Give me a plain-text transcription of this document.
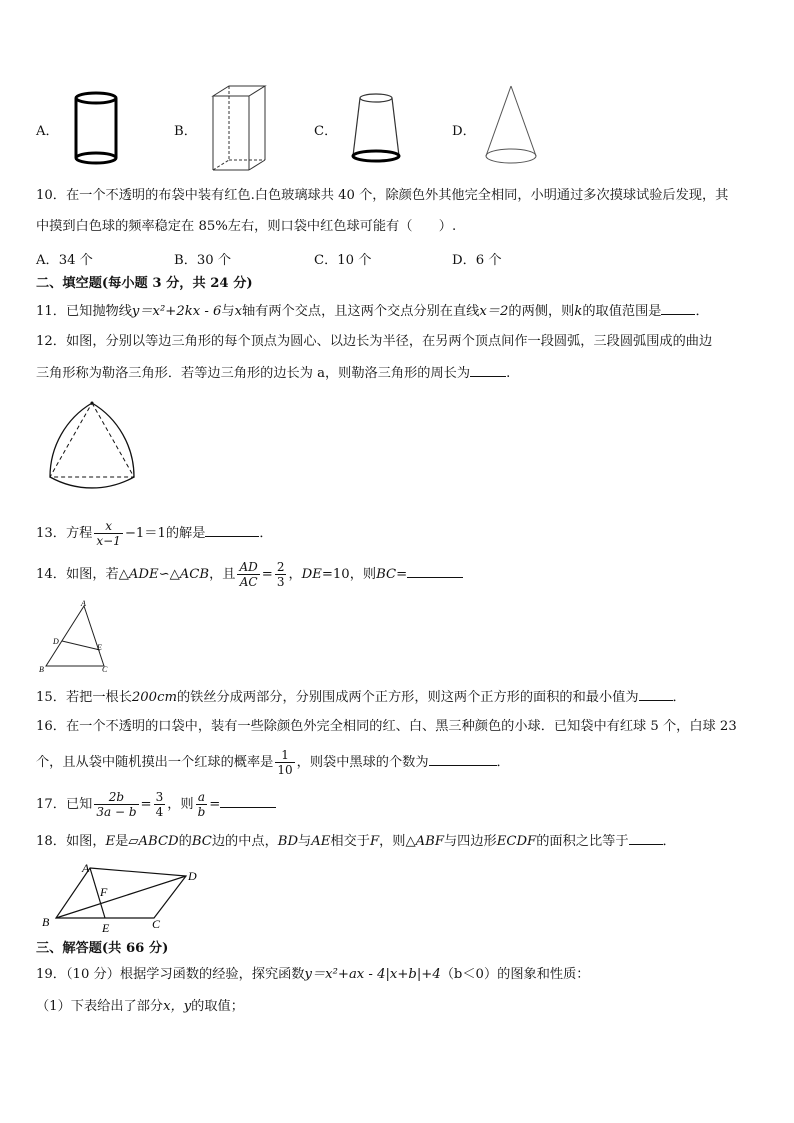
A．	B．	C．	D．
10．在一个不透明的布袋中装有红色.白色玻璃球共 40 个，除颜色外其他完全相同，小明通过多次摸球试验后发现，其
中摸到白色球的频率稳定在 85%左右，则口袋中红色球可能有（　　）.
A．34 个	B．30 个	C．10 个	D．6 个
二、填空题(每小题 3 分，共 24 分)
11．已知抛物线y＝x²+2kx - 6与x轴有两个交点，且这两个交点分别在直线x＝2的两侧，则k的取值范围是	．
12．如图，分别以等边三角形的每个顶点为圆心、以边长为半径，在另两个顶点间作一段圆弧，三段圆弧围成的曲边
三角形称为勒洛三角形．若等边三角形的边长为 a，则勒洛三角形的周长为	.
13．方程 $\frac{x}{x-1} -1=1$的解是	．
14．如图，若△ADE∽△ACB，且 $\frac{AD}{AC} = \frac{2}{3}$ ，DE=10，则BC=
A
D
E
B	C
15．若把一根长200cm的铁丝分成两部分，分别围成两个正方形，则这两个正方形的面积的和最小值为	．
16．在一个不透明的口袋中，装有一些除颜色外完全相同的红、白、黑三种颜色的小球．已知袋中有红球 5 个，白球 23
个，且从袋中随机摸出一个红球的概率是 $\frac{1}{10}$ ，则袋中黑球的个数为	．
17．已知 $\frac{2b}{3a - b} = \frac{3}{4}$ ，则 $\frac{a}{b}$ =
18．如图，E是▱ABCD的BC边的中点，BD与AE相交于F，则△ABF与四边形ECDF的面积之比等于	．
A
D
F
B	E	C
三、解答题(共 66 分)
19．（10 分）根据学习函数的经验，探究函数y＝x²+ax - 4|x+b|+4（b＜0）的图象和性质：
（1）下表给出了部分x，y的取值；
